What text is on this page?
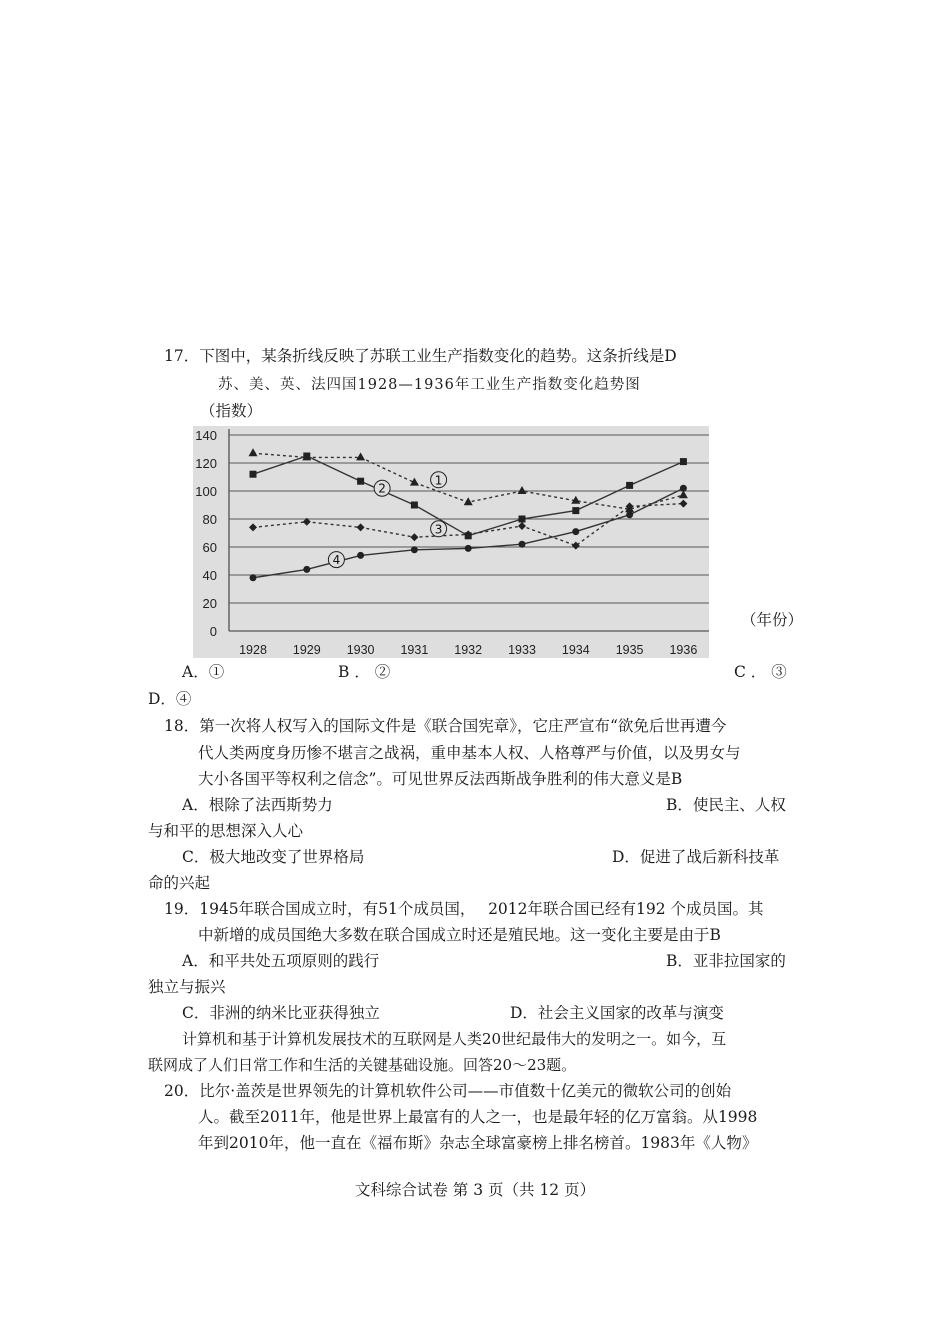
17．下图中，某条折线反映了苏联工业生产指数变化的趋势。这条折线是D
苏、美、英、法四国1928—1936年工业生产指数变化趋势图
（指数）
0
20
40
60
80
100
120
140
1928 1929 1930 1931 1932 1933 1934 1935 1936
1
2
3
4
（年份）
A．①	B ． ②	C ． ③
D．④
18．第一次将人权写入的国际文件是《联合国宪章》，它庄严宣布“欲免后世再遭今
代人类两度身历惨不堪言之战祸，重申基本人权、人格尊严与价值，以及男女与
大小各国平等权利之信念”。可见世界反法西斯战争胜利的伟大意义是B
A．根除了法西斯势力	B．使民主、人权
与和平的思想深入人心
C．极大地改变了世界格局	D．促进了战后新科技革
命的兴起
19．1945年联合国成立时，有51个成员国，　 2012年联合国已经有192 个成员国。其
中新增的成员国绝大多数在联合国成立时还是殖民地。这一变化主要是由于B
A．和平共处五项原则的践行	B．亚非拉国家的
独立与振兴
C．非洲的纳米比亚获得独立	D．社会主义国家的改革与演变
计算机和基于计算机发展技术的互联网是人类20世纪最伟大的发明之一。如今，互
联网成了人们日常工作和生活的关键基础设施。回答20～23题。
20．比尔·盖茨是世界领先的计算机软件公司——市值数十亿美元的微软公司的创始
人。截至2011年，他是世界上最富有的人之一，也是最年轻的亿万富翁。从1998
年到2010年，他一直在《福布斯》杂志全球富豪榜上排名榜首。1983年《人物》
文科综合试卷 第 3 页（共 12 页）
